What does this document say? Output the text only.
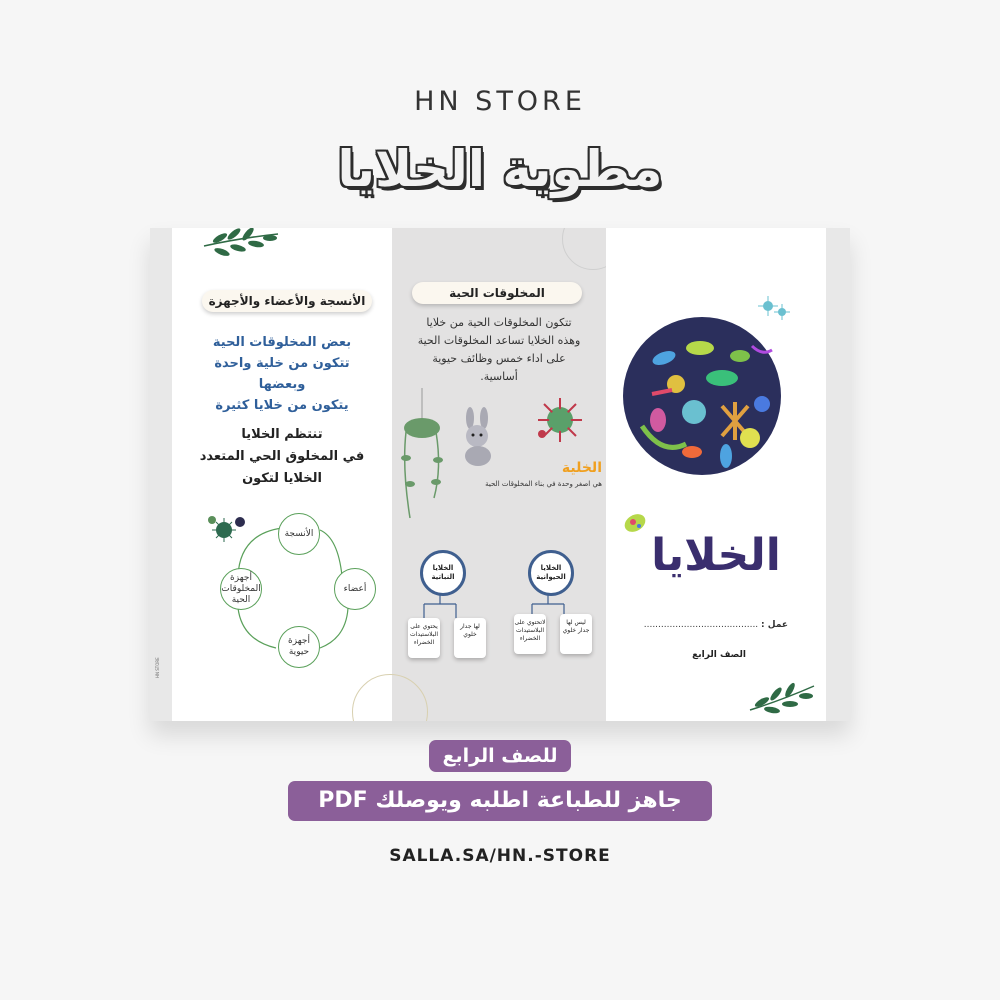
HN STORE
مطوية الخلايا
HN STORE
الأنسجة والأعضاء والأجهزة
بعض المخلوقات الحية
تتكون من خلية واحدة
وبعضها
يتكون من خلايا كثيرة
تنتظم الخلايا
في المخلوق الحي المتعدد
الخلايا لتكون
الأنسجة
أعضاء
أجهزة حيوية
أجهزة المخلوقات الحية
المخلوقات الحية
تتكون المخلوقات الحية من خلايا
وهذه الخلايا تساعد المخلوقات الحية
على اداء خمس وظائف حيوية
أساسية.
الخلية
هي اصغر وحدة في بناء المخلوقات الحية
الخلايا النباتية
الخلايا الحيوانية
يحتوي على البلاستيدات الخضراء
لها جدار خلوي
لاتحتوي على البلاستيدات الخضراء
ليس لها جدار خلوي
الخلايا
عمل : ........................................
الصف الرابع
للصف الرابع
جاهز للطباعة اطلبه ويوصلك PDF
SALLA.SA/HN.-STORE
